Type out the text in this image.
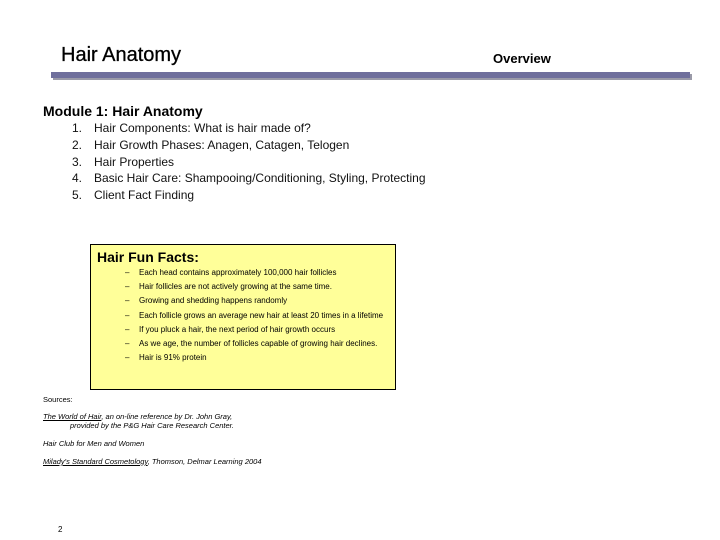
Hair Anatomy	Overview
Module 1: Hair Anatomy
1. Hair Components: What is hair made of?
2. Hair Growth Phases: Anagen, Catagen, Telogen
3. Hair Properties
4. Basic Hair Care: Shampooing/Conditioning, Styling, Protecting
5. Client Fact Finding
Hair Fun Facts:
–	Each head contains approximately 100,000 hair follicles
–	Hair follicles are not actively growing at the same time.
–	Growing and shedding happens randomly
–	Each follicle grows an average new hair at least 20 times in a lifetime
–	If you pluck a hair, the next period of hair growth occurs
–	As we age, the number of follicles capable of growing hair declines.
–	Hair is 91% protein
Sources:
The World of Hair, an on-line reference by Dr. John Gray,
provided by the P&G Hair Care Research Center.
Hair Club for Men and Women
Milady's Standard Cosmetology, Thomson, Delmar Learning 2004
2
